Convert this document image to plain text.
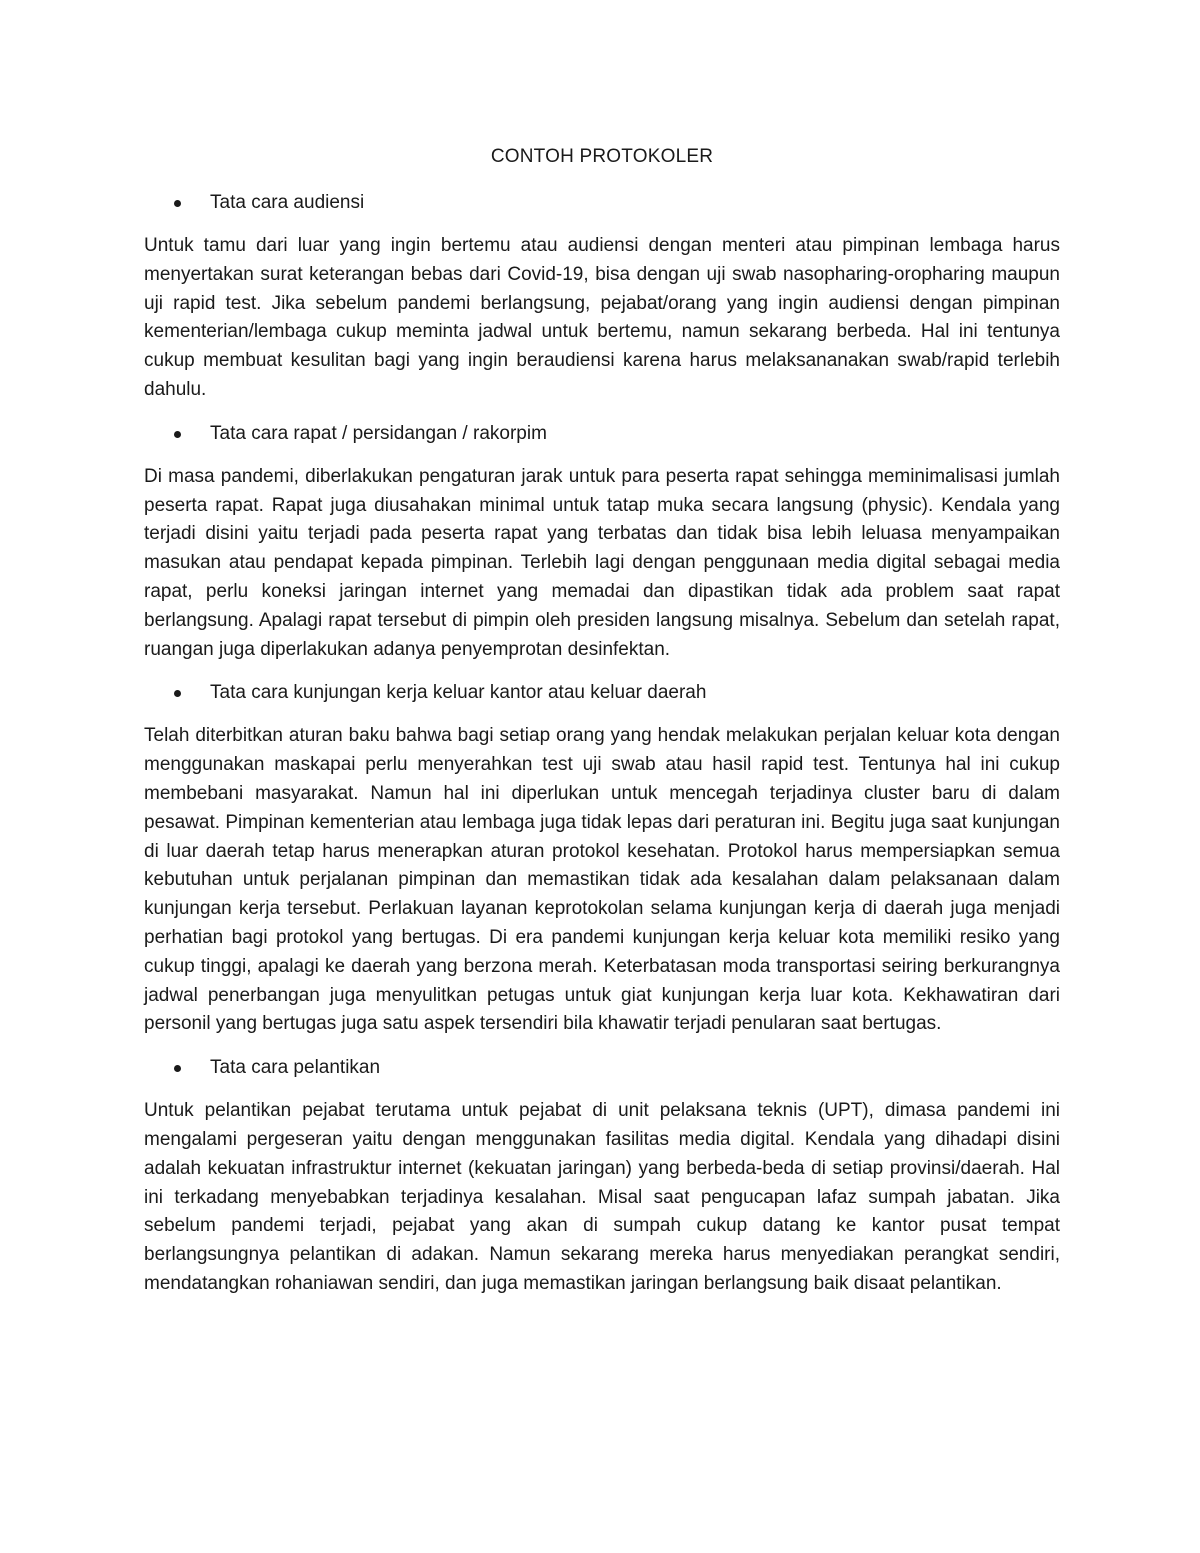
CONTOH PROTOKOLER
Tata cara audiensi

Untuk tamu dari luar yang ingin bertemu atau audiensi dengan menteri atau pimpinan lembaga harus menyertakan surat keterangan bebas dari Covid-19, bisa dengan uji swab nasopharing-oropharing maupun uji rapid test. Jika sebelum pandemi berlangsung, pejabat/orang yang ingin audiensi dengan pimpinan kementerian/lembaga cukup meminta jadwal untuk bertemu, namun sekarang berbeda. Hal ini tentunya cukup membuat kesulitan bagi yang ingin beraudiensi karena harus melaksananakan swab/rapid terlebih dahulu.

Tata cara rapat / persidangan / rakorpim

Di masa pandemi, diberlakukan pengaturan jarak untuk para peserta rapat sehingga meminimalisasi jumlah peserta rapat. Rapat juga diusahakan minimal untuk tatap muka secara langsung (physic). Kendala yang terjadi disini yaitu terjadi pada peserta rapat yang terbatas dan tidak bisa lebih leluasa menyampaikan masukan atau pendapat kepada pimpinan. Terlebih lagi dengan penggunaan media digital sebagai media rapat, perlu koneksi jaringan internet yang memadai dan dipastikan tidak ada problem saat rapat berlangsung. Apalagi rapat tersebut di pimpin oleh presiden langsung misalnya. Sebelum dan setelah rapat, ruangan juga diperlakukan adanya penyemprotan desinfektan.

Tata cara kunjungan kerja keluar kantor atau keluar daerah

Telah diterbitkan aturan baku bahwa bagi setiap orang yang hendak melakukan perjalan keluar kota dengan menggunakan maskapai perlu menyerahkan test uji swab atau hasil rapid test. Tentunya hal ini cukup membebani masyarakat. Namun hal ini diperlukan untuk mencegah terjadinya cluster baru di dalam pesawat. Pimpinan kementerian atau lembaga juga tidak lepas dari peraturan ini. Begitu juga saat kunjungan di luar daerah tetap harus menerapkan aturan protokol kesehatan. Protokol harus mempersiapkan semua kebutuhan untuk perjalanan pimpinan dan memastikan tidak ada kesalahan dalam pelaksanaan dalam kunjungan kerja tersebut. Perlakuan layanan keprotokolan selama kunjungan kerja di daerah juga menjadi perhatian bagi protokol yang bertugas. Di era pandemi kunjungan kerja keluar kota memiliki resiko yang cukup tinggi, apalagi ke daerah yang berzona merah. Keterbatasan moda transportasi seiring berkurangnya jadwal penerbangan juga menyulitkan petugas untuk giat kunjungan kerja luar kota. Kekhawatiran dari personil yang bertugas juga satu aspek tersendiri bila khawatir terjadi penularan saat bertugas.

Tata cara pelantikan

Untuk pelantikan pejabat terutama untuk pejabat di unit pelaksana teknis (UPT), dimasa pandemi ini mengalami pergeseran yaitu dengan menggunakan fasilitas media digital. Kendala yang dihadapi disini adalah kekuatan infrastruktur internet (kekuatan jaringan) yang berbeda-beda di setiap provinsi/daerah. Hal ini terkadang menyebabkan terjadinya kesalahan. Misal saat pengucapan lafaz sumpah jabatan. Jika sebelum pandemi terjadi, pejabat yang akan di sumpah cukup datang ke kantor pusat tempat berlangsungnya pelantikan di adakan. Namun sekarang mereka harus menyediakan perangkat sendiri, mendatangkan rohaniawan sendiri, dan juga memastikan jaringan berlangsung baik disaat pelantikan.
